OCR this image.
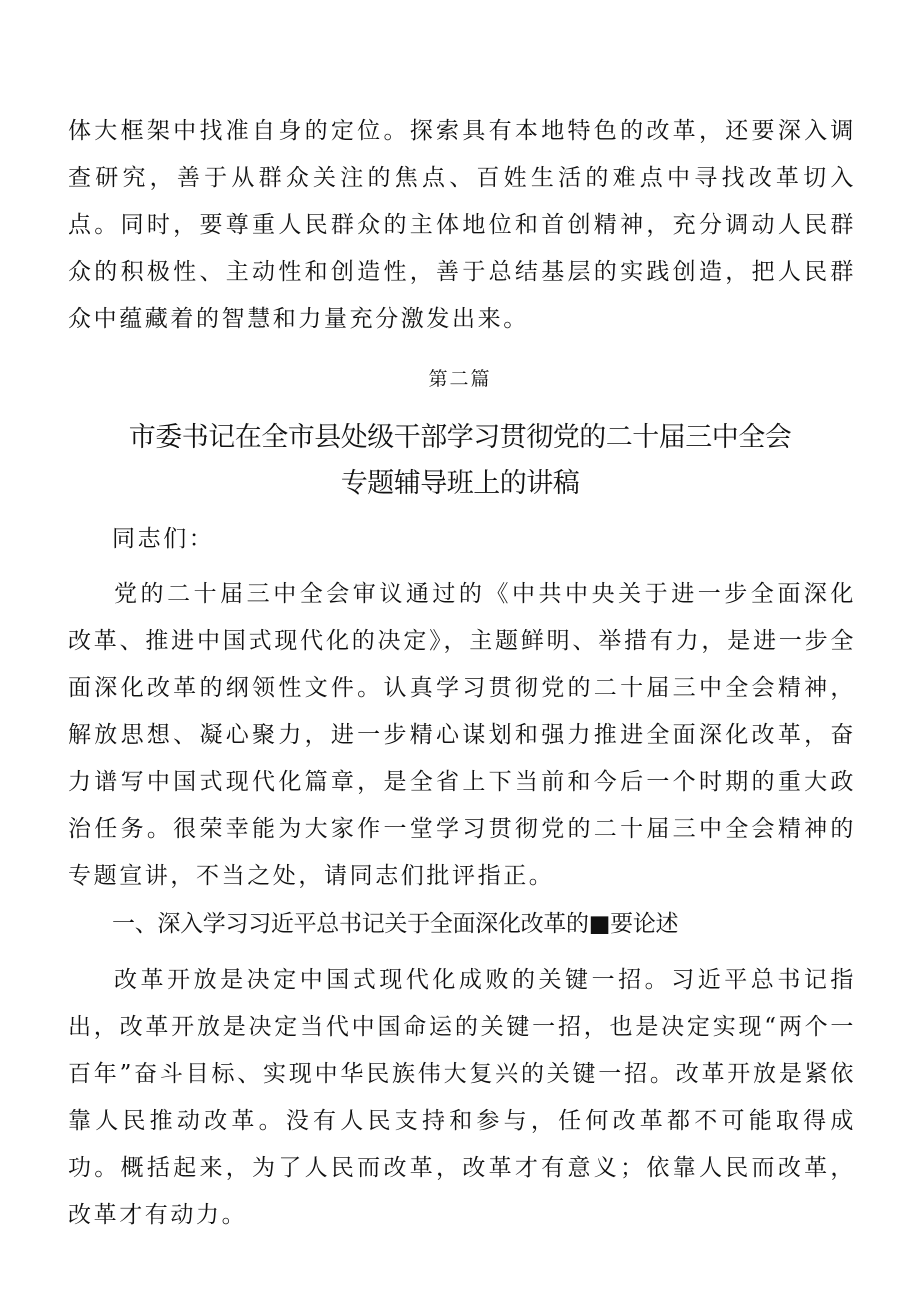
体大框架中找准自身的定位。探索具有本地特色的改革，还要深入调查研究，善于从群众关注的焦点、百姓生活的难点中寻找改革切入点。同时，要尊重人民群众的主体地位和首创精神，充分调动人民群众的积极性、主动性和创造性，善于总结基层的实践创造，把人民群众中蕴藏着的智慧和力量充分激发出来。

第二篇

市委书记在全市县处级干部学习贯彻党的二十届三中全会
专题辅导班上的讲稿

同志们：

党的二十届三中全会审议通过的《中共中央关于进一步全面深化改革、推进中国式现代化的决定》，主题鲜明、举措有力，是进一步全面深化改革的纲领性文件。认真学习贯彻党的二十届三中全会精神，解放思想、凝心聚力，进一步精心谋划和强力推进全面深化改革，奋力谱写中国式现代化篇章，是全省上下当前和今后一个时期的重大政治任务。很荣幸能为大家作一堂学习贯彻党的二十届三中全会精神的专题宣讲，不当之处，请同志们批评指正。

一、深入学习习近平总书记关于全面深化改革的■要论述

改革开放是决定中国式现代化成败的关键一招。习近平总书记指出，改革开放是决定当代中国命运的关键一招，也是决定实现“两个一百年”奋斗目标、实现中华民族伟大复兴的关键一招。改革开放是紧依靠人民推动改革。没有人民支持和参与，任何改革都不可能取得成功。概括起来，为了人民而改革，改革才有意义；依靠人民而改革，改革才有动力。
